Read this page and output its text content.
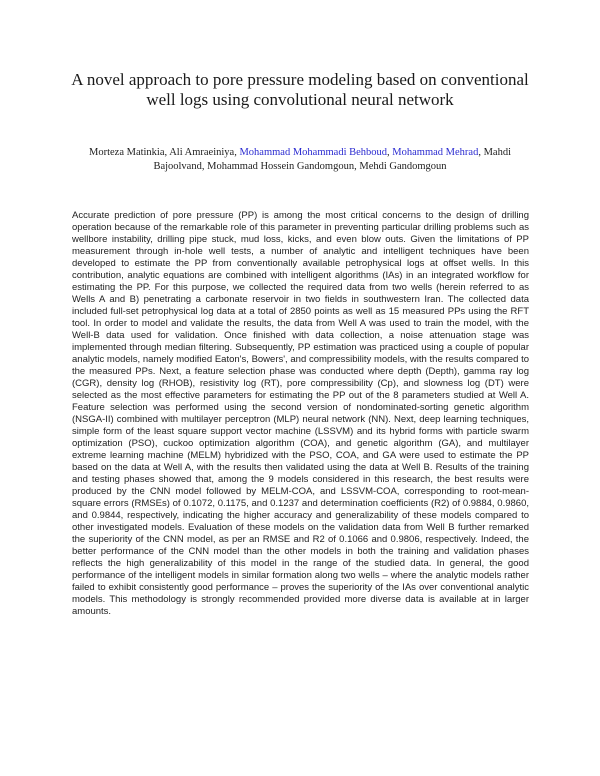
A novel approach to pore pressure modeling based on conventional well logs using convolutional neural network
Morteza Matinkia, Ali Amraeiniya, Mohammad Mohammadi Behboud, Mohammad Mehrad, Mahdi Bajoolvand, Mohammad Hossein Gandomgoun, Mehdi Gandomgoun

Accurate prediction of pore pressure (PP) is among the most critical concerns to the design of drilling operation because of the remarkable role of this parameter in preventing particular drilling problems such as wellbore instability, drilling pipe stuck, mud loss, kicks, and even blow outs. Given the limitations of PP measurement through in-hole well tests, a number of analytic and intelligent techniques have been developed to estimate the PP from conventionally available petrophysical logs at offset wells. In this contribution, analytic equations are combined with intelligent algorithms (IAs) in an integrated workflow for estimating the PP. For this purpose, we collected the required data from two wells (herein referred to as Wells A and B) penetrating a carbonate reservoir in two fields in southwestern Iran. The collected data included full-set petrophysical log data at a total of 2850 points as well as 15 measured PPs using the RFT tool. In order to model and validate the results, the data from Well A was used to train the model, with the Well-B data used for validation. Once finished with data collection, a noise attenuation stage was implemented through median filtering. Subsequently, PP estimation was practiced using a couple of popular analytic models, namely modified Eaton's, Bowers', and compressibility models, with the results compared to the measured PPs. Next, a feature selection phase was conducted where depth (Depth), gamma ray log (CGR), density log (RHOB), resistivity log (RT), pore compressibility (Cp), and slowness log (DT) were selected as the most effective parameters for estimating the PP out of the 8 parameters studied at Well A. Feature selection was performed using the second version of nondominated-sorting genetic algorithm (NSGA-II) combined with multilayer perceptron (MLP) neural network (NN). Next, deep learning techniques, simple form of the least square support vector machine (LSSVM) and its hybrid forms with particle swarm optimization (PSO), cuckoo optimization algorithm (COA), and genetic algorithm (GA), and multilayer extreme learning machine (MELM) hybridized with the PSO, COA, and GA were used to estimate the PP based on the data at Well A, with the results then validated using the data at Well B. Results of the training and testing phases showed that, among the 9 models considered in this research, the best results were produced by the CNN model followed by MELM-COA, and LSSVM-COA, corresponding to root-mean-square errors (RMSEs) of 0.1072, 0.1175, and 0.1237 and determination coefficients (R2) of 0.9884, 0.9860, and 0.9844, respectively, indicating the higher accuracy and generalizability of these models compared to other investigated models. Evaluation of these models on the validation data from Well B further remarked the superiority of the CNN model, as per an RMSE and R2 of 0.1066 and 0.9806, respectively. Indeed, the better performance of the CNN model than the other models in both the training and validation phases reflects the high generalizability of this model in the range of the studied data. In general, the good performance of the intelligent models in similar formation along two wells – where the analytic models rather failed to exhibit consistently good performance – proves the superiority of the IAs over conventional analytic models. This methodology is strongly recommended provided more diverse data is available at in larger amounts.
